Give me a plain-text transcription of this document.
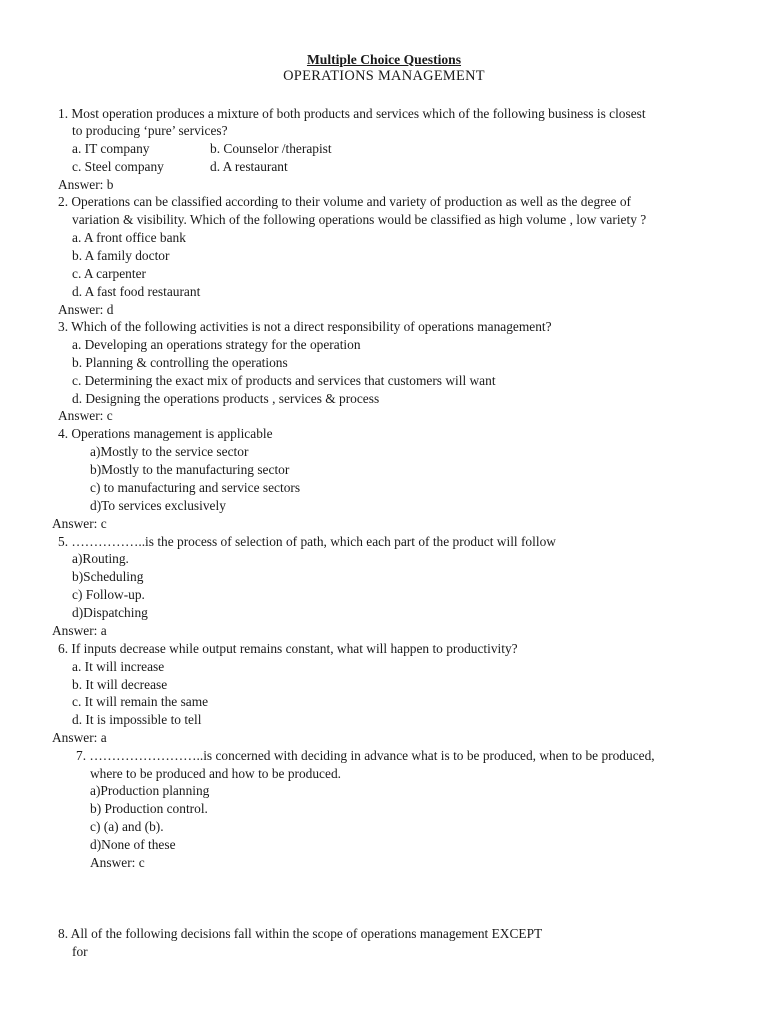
Multiple Choice Questions
OPERATIONS MANAGEMENT
1. Most operation produces a mixture of both products and services which of the following business is closest
to producing ‘pure’ services?
a. IT company	b. Counselor /therapist
c. Steel company	d. A restaurant
Answer: b
2. Operations can be classified according to their volume and variety of production as well as the degree of
variation & visibility. Which of the following operations would be classified as high volume , low variety ?
a. A front office bank
b. A family doctor
c. A carpenter
d. A fast food restaurant
Answer: d
3. Which of the following activities is not a direct responsibility of operations management?
a. Developing an operations strategy for the operation
b. Planning & controlling the operations
c. Determining the exact mix of products and services that customers will want
d. Designing the operations products , services & process
Answer: c
4. Operations management is applicable
a)Mostly to the service sector
b)Mostly to the manufacturing sector
c) to manufacturing and service sectors
d)To services exclusively
Answer: c
5. ……………..is the process of selection of path, which each part of the product will follow
a)Routing.
b)Scheduling
c) Follow-up.
d)Dispatching
Answer: a
6. If inputs decrease while output remains constant, what will happen to productivity?
a. It will increase
b. It will decrease
c. It will remain the same
d. It is impossible to tell
Answer: a
7. ……………………..is concerned with deciding in advance what is to be produced, when to be produced,
where to be produced and how to be produced.
a)Production planning
b) Production control.
c) (a) and (b).
d)None of these
Answer: c
8. All of the following decisions fall within the scope of operations management EXCEPT
for
